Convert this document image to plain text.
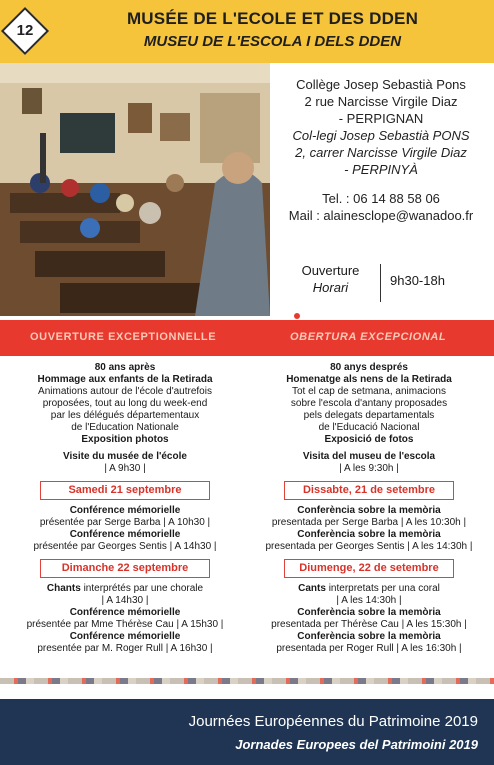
12
MUSÉE DE L'ECOLE ET DES DDEN
MUSEU DE L'ESCOLA I DELS DDEN
Collège Josep Sebastià Pons
2 rue Narcisse Virgile Diaz
- PERPIGNAN
Col-legi Josep Sebastià PONS
2, carrer Narcisse Virgile Diaz
- PERPINYÀ
Tel. : 06 14 88 58 06
Mail : alainesclope@wanadoo.fr
Ouverture
Horari	9h30-18h
OUVERTURE EXCEPTIONNELLE	OBERTURA EXCEPCIONAL
80 ans après
Hommage aux enfants de la Retirada
Animations autour de l'école d'autrefois
proposées, tout au long du week-end
par les délégués départementaux
de l'Education Nationale
Exposition photos
Visite du musée de l'école
| A 9h30 |
Samedi 21 septembre
Conférence mémorielle
présentée par Serge Barba | A 10h30 |
Conférence mémorielle
présentée par Georges Sentis | A 14h30 |
Dimanche 22 septembre
Chants interprétés par une chorale
| A 14h30 |
Conférence mémorielle
présentée par Mme Thérèse Cau | A 15h30 |
Conférence mémorielle
presentée par M. Roger Rull | A 16h30 |
80 anys després
Homenatge als nens de la Retirada
Tot el cap de setmana, animacions
sobre l'escola d'antany proposades
pels delegats departamentals
de l'Educació Nacional
Exposició de fotos
Visita del museu de l'escola
| A les 9:30h |
Dissabte, 21 de setembre
Conferència sobre la memòria
presentada per Serge Barba | A les 10:30h |
Conferència sobre la memòria
presentada per Georges Sentis | A les 14:30h |
Diumenge, 22 de setembre
Cants interpretats per una coral
| A les 14:30h |
Conferència sobre la memòria
presentada per Thérèse Cau | A les 15:30h |
Conferència sobre la memòria
presentada per Roger Rull | A les 16:30h |
Journées Européennes du Patrimoine 2019
Jornades Europees del Patrimoini 2019
